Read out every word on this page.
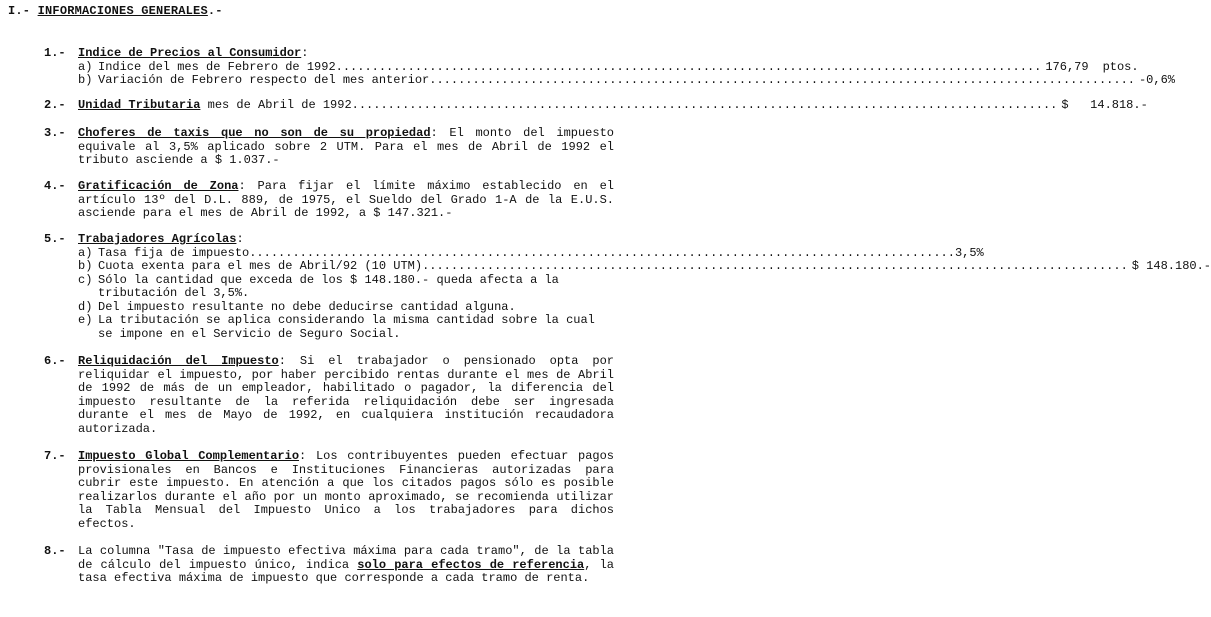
I.- INFORMACIONES GENERALES.-
1.- Indice de Precios al Consumidor:
a) Indice del mes de Febrero de 1992 .....	176,79	ptos.
b) Variación de Febrero respecto del mes anterior .....	-0,6%
2.- Unidad Tributaria mes de Abril de 1992 .....	$   14.818.-
3.- Choferes de taxis que no son de su propiedad: El monto del impuesto equivale al 3,5% aplicado sobre 2 UTM. Para el mes de Abril de 1992 el tributo asciende a $ 1.037.-
4.- Gratificación de Zona: Para fijar el límite máximo establecido en el artículo 13º del D.L. 889, de 1975, el Sueldo del Grado 1-A de la E.U.S. asciende para el mes de Abril de 1992, a $ 147.321.-
5.- Trabajadores Agrícolas:
a) Tasa fija de impuesto .....	3,5%
b) Cuota exenta para el mes de Abril/92 (10 UTM) .....	$ 148.180.-
c) Sólo la cantidad que exceda de los $ 148.180.- queda afecta a la tributación del 3,5%.
d) Del impuesto resultante no debe deducirse cantidad alguna.
e) La tributación se aplica considerando la misma cantidad sobre la cual se impone en el Servicio de Seguro Social.
6.- Reliquidación del Impuesto: Si el trabajador o pensionado opta por reliquidar el impuesto, por haber percibido rentas durante el mes de Abril de 1992 de más de un empleador, habilitado o pagador, la diferencia del impuesto resultante de la referida reliquidación debe ser ingresada durante el mes de Mayo de 1992, en cualquiera institución recaudadora autorizada.
7.- Impuesto Global Complementario: Los contribuyentes pueden efectuar pagos provisionales en Bancos e Instituciones Financieras autorizadas para cubrir este impuesto. En atención a que los citados pagos sólo es posible realizarlos durante el año por un monto aproximado, se recomienda utilizar la Tabla Mensual del Impuesto Unico a los trabajadores para dichos efectos.
8.- La columna "Tasa de impuesto efectiva máxima para cada tramo", de la tabla de cálculo del impuesto único, indica solo para efectos de referencia, la tasa efectiva máxima de impuesto que corresponde a cada tramo de renta.
